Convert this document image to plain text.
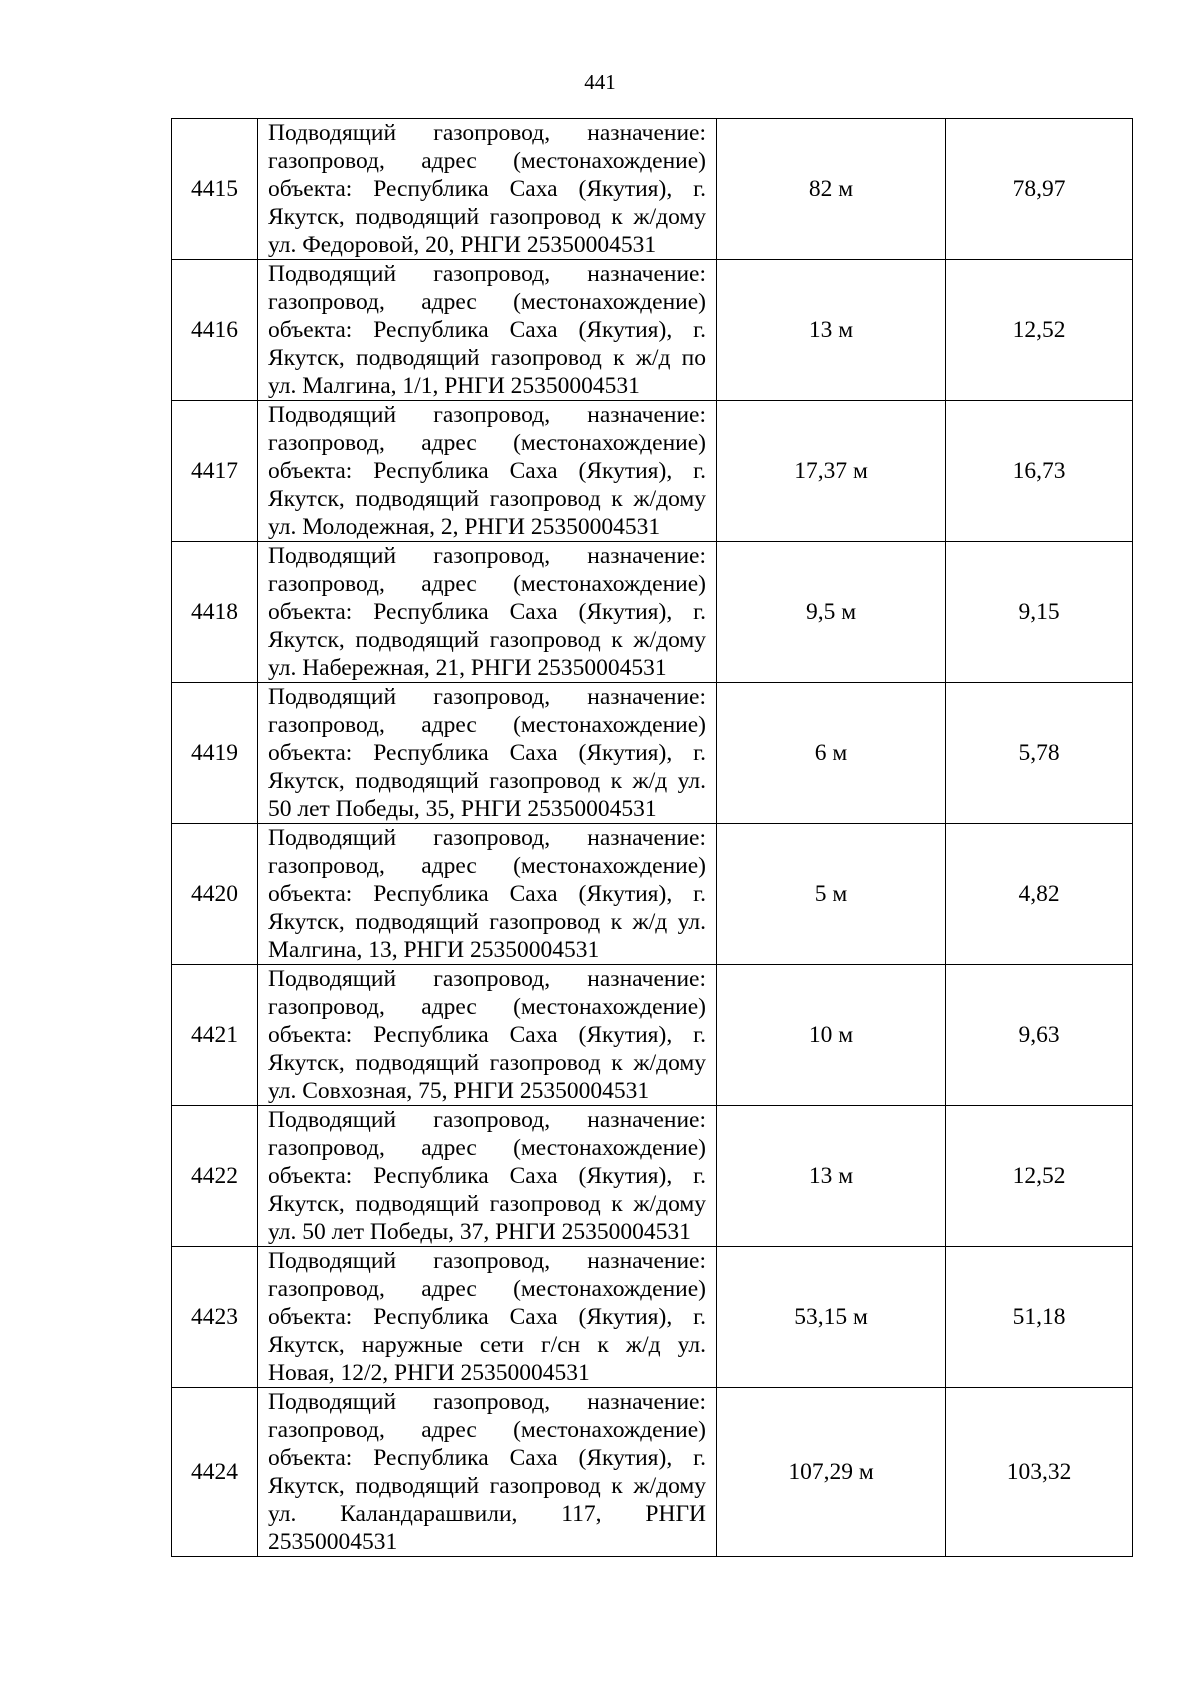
441
4415	Подводящий газопровод, назначение: газопровод, адрес (местонахождение) объекта: Республика Саха (Якутия), г. Якутск, подводящий газопровод к ж/дому ул. Федоровой, 20, РНГИ 25350004531	82 м	78,97
4416	Подводящий газопровод, назначение: газопровод, адрес (местонахождение) объекта: Республика Саха (Якутия), г. Якутск, подводящий газопровод к ж/д по ул. Малгина, 1/1, РНГИ 25350004531	13 м	12,52
4417	Подводящий газопровод, назначение: газопровод, адрес (местонахождение) объекта: Республика Саха (Якутия), г. Якутск, подводящий газопровод к ж/дому ул. Молодежная, 2, РНГИ 25350004531	17,37 м	16,73
4418	Подводящий газопровод, назначение: газопровод, адрес (местонахождение) объекта: Республика Саха (Якутия), г. Якутск, подводящий газопровод к ж/дому ул. Набережная, 21, РНГИ 25350004531	9,5 м	9,15
4419	Подводящий газопровод, назначение: газопровод, адрес (местонахождение) объекта: Республика Саха (Якутия), г. Якутск, подводящий газопровод к ж/д ул. 50 лет Победы, 35, РНГИ 25350004531	6 м	5,78
4420	Подводящий газопровод, назначение: газопровод, адрес (местонахождение) объекта: Республика Саха (Якутия), г. Якутск, подводящий газопровод к ж/д ул. Малгина, 13, РНГИ 25350004531	5 м	4,82
4421	Подводящий газопровод, назначение: газопровод, адрес (местонахождение) объекта: Республика Саха (Якутия), г. Якутск, подводящий газопровод к ж/дому ул. Совхозная, 75, РНГИ 25350004531	10 м	9,63
4422	Подводящий газопровод, назначение: газопровод, адрес (местонахождение) объекта: Республика Саха (Якутия), г. Якутск, подводящий газопровод к ж/дому ул. 50 лет Победы, 37, РНГИ 25350004531	13 м	12,52
4423	Подводящий газопровод, назначение: газопровод, адрес (местонахождение) объекта: Республика Саха (Якутия), г. Якутск, наружные сети г/сн к ж/д ул. Новая, 12/2, РНГИ 25350004531	53,15 м	51,18
4424	Подводящий газопровод, назначение: газопровод, адрес (местонахождение) объекта: Республика Саха (Якутия), г. Якутск, подводящий газопровод к ж/дому ул. Каландарашвили, 117, РНГИ 25350004531	107,29 м	103,32
